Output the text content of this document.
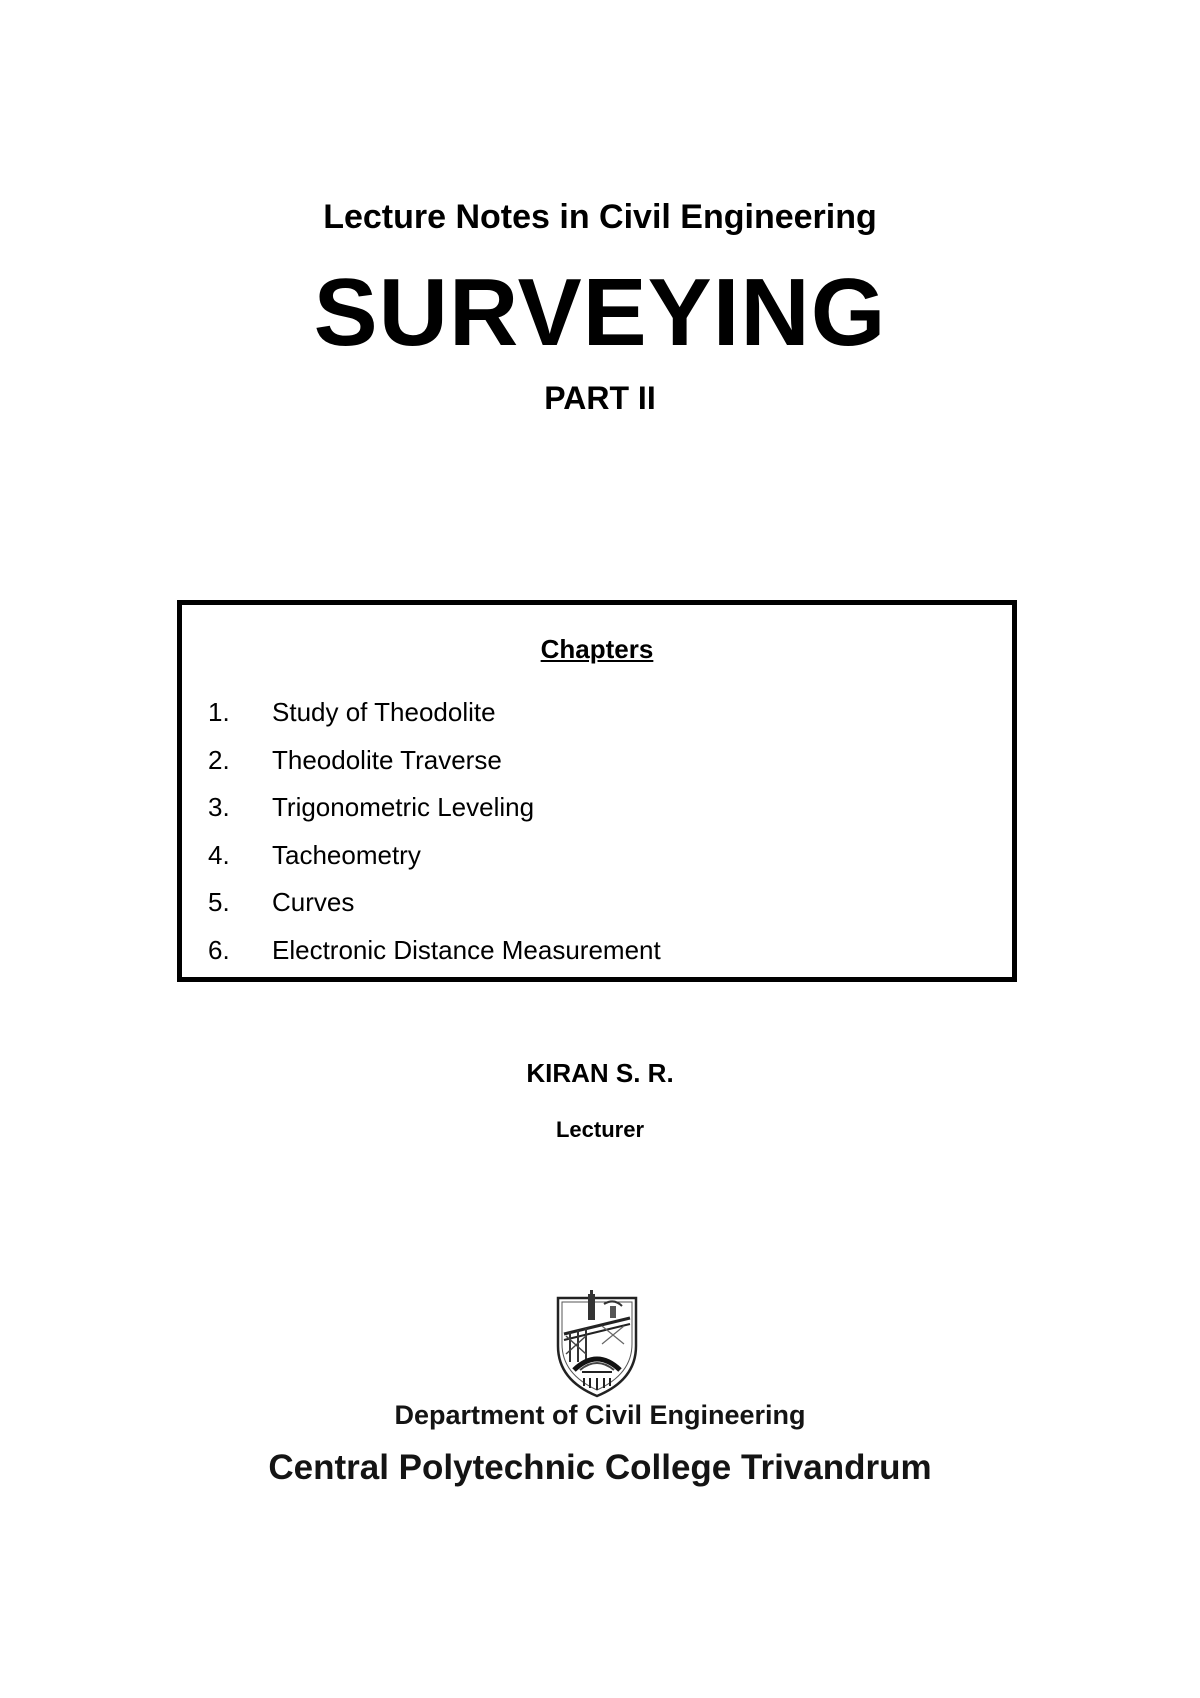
Lecture Notes in Civil Engineering
SURVEYING
PART II
Chapters
1.	Study of Theodolite
2.	Theodolite Traverse
3.	Trigonometric Leveling
4.	Tacheometry
5.	Curves
6.	Electronic Distance Measurement
KIRAN S. R.
Lecturer
Department of Civil Engineering
Central Polytechnic College Trivandrum
